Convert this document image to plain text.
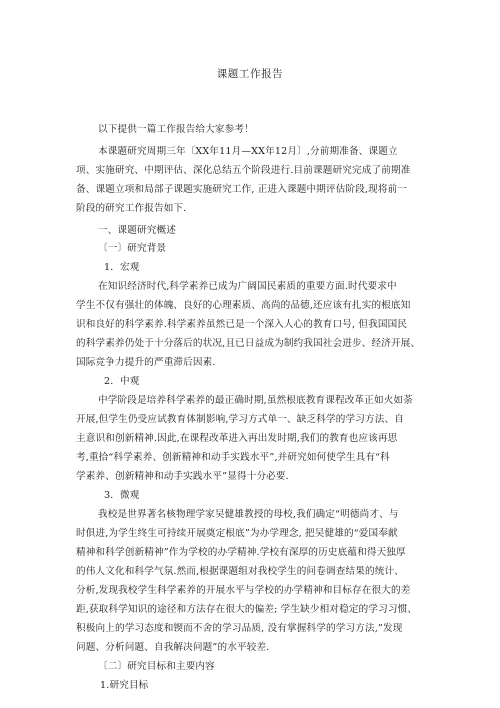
课题工作报告
以下提供一篇工作报告给大家参考！
本课题研究周期三年〔XX年11月—XX年12月〕,分前期准备、课题立
项、实施研究、中期评估、深化总结五个阶段进行.目前课题研究完成了前期准
备、课题立项和局部子课题实施研究工作, 正进入课题中期评估阶段,现将前一
阶段的研究工作报告如下.
一、课题研究概述
〔一〕研究背景
1．宏观
在知识经济时代,科学素养已成为广阔国民素质的重要方面.时代要求中
学生不仅有强壮的体魄、良好的心理素质、高尚的品德,还应该有扎实的根底知
识和良好的科学素养.科学素养虽然已是一个深入人心的教育口号, 但我国国民
的科学素养仍处于十分落后的状况,且已日益成为制约我国社会进步、经济开展、
国际竞争力提升的严重滞后因素.
2．中观
中学阶段是培养科学素养的最正确时期,虽然根底教育课程改革正如火如荼
开展,但学生仍受应试教育体制影响,学习方式单一、缺乏科学的学习方法、自
主意识和创新精神.因此,在课程改革进入再出发时期,我们的教育也应该再思
考,重拾“科学素养、创新精神和动手实践水平”,并研究如何使学生具有“科
学素养、创新精神和动手实践水平”显得十分必要.
3．微观
我校是世界著名核物理学家吴健雄教授的母校,我们确定“明德尚才、与
时俱进,为学生终生可持续开展奠定根底”为办学理念, 把吴健雄的“爱国奉献
精神和科学创新精神”作为学校的办学精神.学校有深厚的历史底蕴和得天独厚
的伟人文化和科学气氛.然而,根据课题组对我校学生的问卷调查结果的统计、
分析,发现我校学生科学素养的开展水平与学校的办学精神和目标存在很大的差
距,获取科学知识的途径和方法存在很大的偏差; 学生缺少相对稳定的学习习惯、
积极向上的学习态度和锲而不舍的学习品质, 没有掌握科学的学习方法,”发现
问题、分析问题、自我解决问题”的水平较差.
〔二〕研究目标和主要内容
1.研究目标
